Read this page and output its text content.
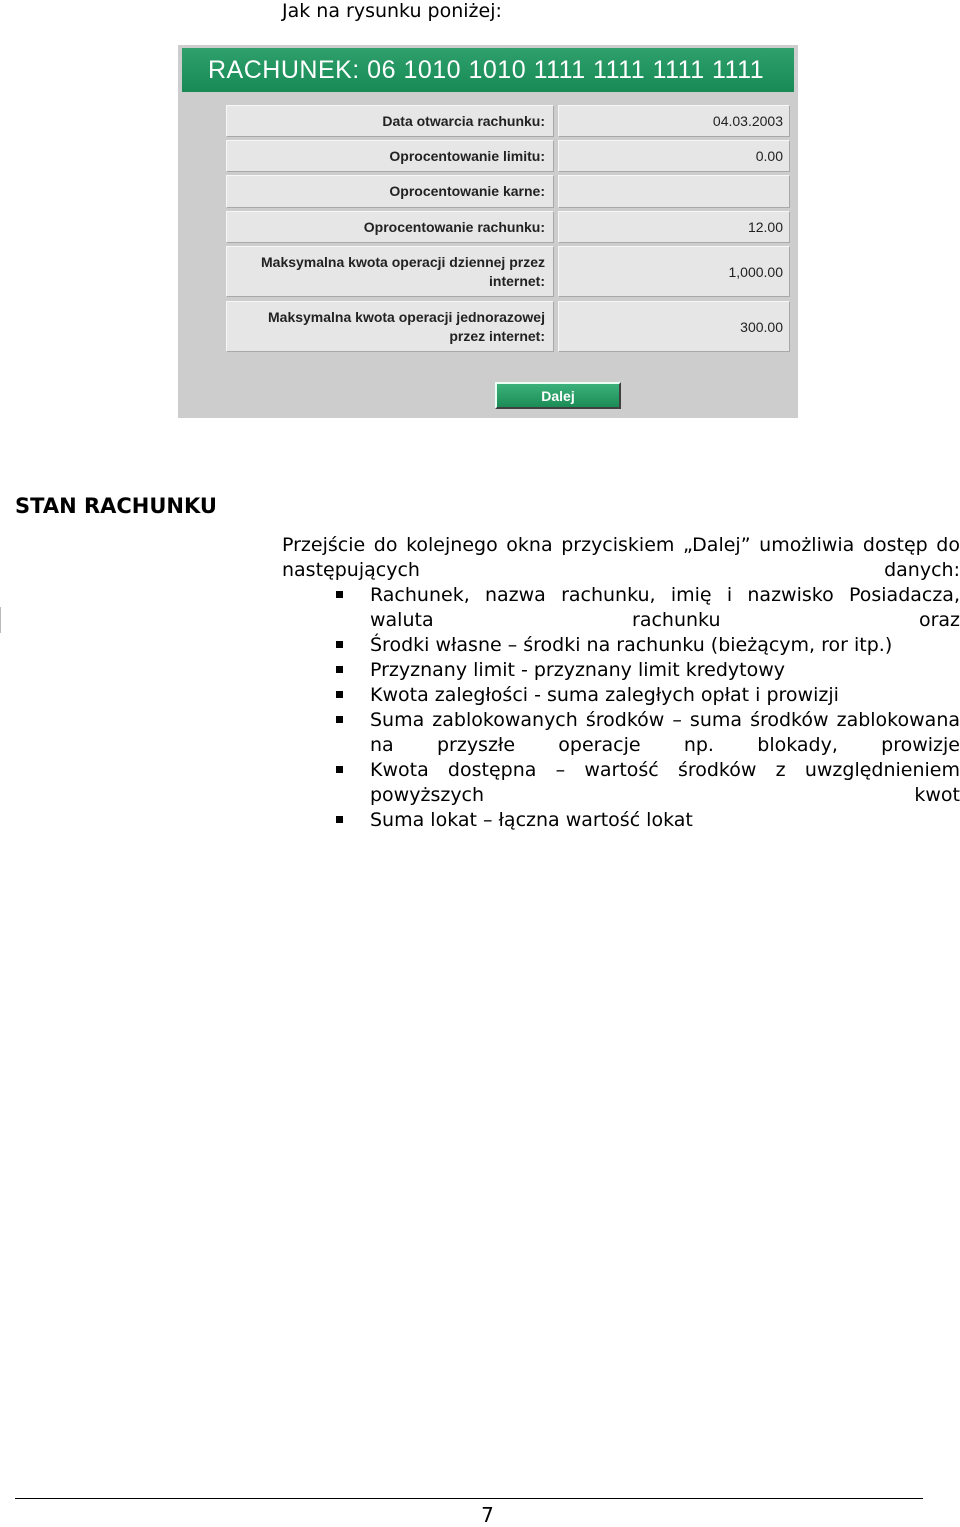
Jak na rysunku poniżej:
RACHUNEK: 06 1010 1010 1111 1111 1111 1111
Data otwarcia rachunku:	04.03.2003
Oprocentowanie limitu:	0.00
Oprocentowanie karne:
Oprocentowanie rachunku:	12.00
Maksymalna kwota operacji dziennej przez internet:
1,000.00
Maksymalna kwota operacji jednorazowej przez internet:
300.00
Dalej
STAN RACHUNKU
Przejście do kolejnego okna przyciskiem „Dalej” umożliwia dostęp do następujących danych:
Rachunek, nazwa rachunku, imię i nazwisko Posiadacza, waluta rachunku oraz
Środki własne – środki na rachunku (bieżącym, ror itp.)
Przyznany limit - przyznany limit kredytowy
Kwota zaległości - suma zaległych opłat i prowizji
Suma zablokowanych środków – suma środków zablokowana na przyszłe operacje np. blokady, prowizje
Kwota dostępna – wartość środków z uwzględnieniem powyższych kwot
Suma lokat – łączna wartość lokat
7
